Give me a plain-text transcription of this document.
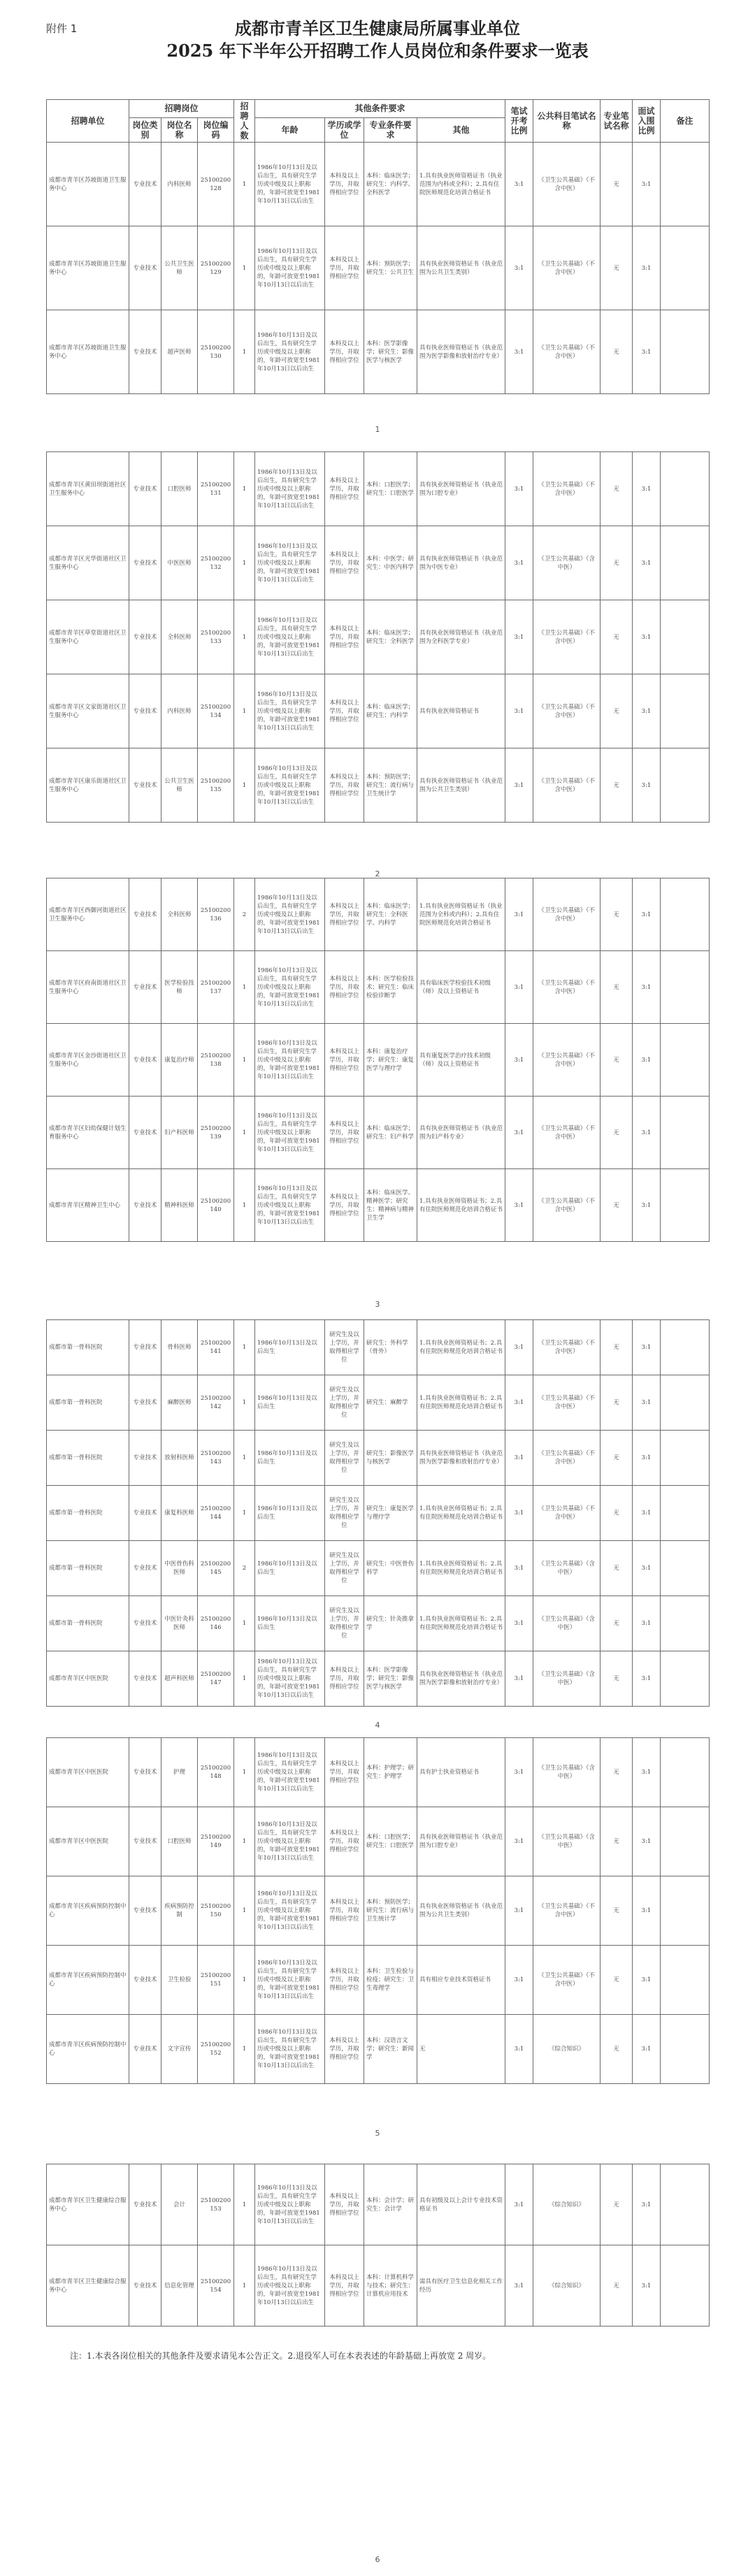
附件 1	成都市青羊区卫生健康局所属事业单位
2025 年下半年公开招聘工作人员岗位和条件要求一览表
招聘单位	招聘岗位			招聘人数	其他条件要求				笔试开考比例	公共科目笔试名称	专业笔试名称	面试入围比例	备注
	岗位类别	岗位名称	岗位编码		年龄	学历或学位	专业条件要求	其他					
成都市青羊区苏坡街道卫生服务中心	专业技术	内科医师	25100200128	1	1986年10月13日及以后出生，具有研究生学历或中级及以上职称的，年龄可放宽至1981年10月13日以后出生	本科及以上学历，并取得相应学位	本科：临床医学；研究生：内科学、全科医学	1.具有执业医师资格证书（执业范围为内科或全科）；2.具有住院医师规范化培训合格证书	3:1	《卫生公共基础》（不含中医）	无	3:1	
成都市青羊区苏坡街道卫生服务中心	专业技术	公共卫生医师	25100200129	1	1986年10月13日及以后出生，具有研究生学历或中级及以上职称的，年龄可放宽至1981年10月13日以后出生	本科及以上学历，并取得相应学位	本科：预防医学；研究生：公共卫生	具有执业医师资格证书（执业范围为公共卫生类别）	3:1	《卫生公共基础》（不含中医）	无	3:1	
成都市青羊区苏坡街道卫生服务中心	专业技术	超声医师	25100200130	1	1986年10月13日及以后出生，具有研究生学历或中级及以上职称的，年龄可放宽至1981年10月13日以后出生	本科及以上学历，并取得相应学位	本科：医学影像学；研究生：影像医学与核医学	具有执业医师资格证书（执业范围为医学影像和放射治疗专业）	3:1	《卫生公共基础》（不含中医）	无	3:1	
1
成都市青羊区黄田坝街道社区卫生服务中心	专业技术	口腔医师	25100200131	1	1986年10月13日及以后出生，具有研究生学历或中级及以上职称的，年龄可放宽至1981年10月13日以后出生	本科及以上学历，并取得相应学位	本科：口腔医学；研究生：口腔医学	具有执业医师资格证书（执业范围为口腔专业）	3:1	《卫生公共基础》（不含中医）	无	3:1	
成都市青羊区光华街道社区卫生服务中心	专业技术	中医医师	25100200132	1	1986年10月13日及以后出生，具有研究生学历或中级及以上职称的，年龄可放宽至1981年10月13日以后出生	本科及以上学历，并取得相应学位	本科：中医学；研究生：中医内科学	具有执业医师资格证书（执业范围为中医专业）	3:1	《卫生公共基础》（含中医）	无	3:1	
成都市青羊区草堂街道社区卫生服务中心	专业技术	全科医师	25100200133	1	1986年10月13日及以后出生，具有研究生学历或中级及以上职称的，年龄可放宽至1981年10月13日以后出生	本科及以上学历，并取得相应学位	本科：临床医学；研究生：全科医学	具有执业医师资格证书（执业范围为全科医学专业）	3:1	《卫生公共基础》（不含中医）	无	3:1	
成都市青羊区文家街道社区卫生服务中心	专业技术	内科医师	25100200134	1	1986年10月13日及以后出生，具有研究生学历或中级及以上职称的，年龄可放宽至1981年10月13日以后出生	本科及以上学历，并取得相应学位	本科：临床医学；研究生：内科学	具有执业医师资格证书	3:1	《卫生公共基础》（不含中医）	无	3:1	
成都市青羊区康乐街道社区卫生服务中心	专业技术	公共卫生医师	25100200135	1	1986年10月13日及以后出生，具有研究生学历或中级及以上职称的，年龄可放宽至1981年10月13日以后出生	本科及以上学历，并取得相应学位	本科：预防医学；研究生：流行病与卫生统计学	具有执业医师资格证书（执业范围为公共卫生类别）	3:1	《卫生公共基础》（不含中医）	无	3:1	
2
成都市青羊区西御河街道社区卫生服务中心	专业技术	全科医师	25100200136	2	1986年10月13日及以后出生，具有研究生学历或中级及以上职称的，年龄可放宽至1981年10月13日以后出生	本科及以上学历，并取得相应学位	本科：临床医学；研究生：全科医学、内科学	1.具有执业医师资格证书（执业范围为全科或内科）；2.具有住院医师规范化培训合格证书	3:1	《卫生公共基础》（不含中医）	无	3:1	
成都市青羊区府南街道社区卫生服务中心	专业技术	医学检验技师	25100200137	1	1986年10月13日及以后出生，具有研究生学历或中级及以上职称的，年龄可放宽至1981年10月13日以后出生	本科及以上学历，并取得相应学位	本科：医学检验技术；研究生：临床检验诊断学	具有临床医学检验技术初级（师）及以上资格证书	3:1	《卫生公共基础》（不含中医）	无	3:1	
成都市青羊区金沙街道社区卫生服务中心	专业技术	康复治疗师	25100200138	1	1986年10月13日及以后出生，具有研究生学历或中级及以上职称的，年龄可放宽至1981年10月13日以后出生	本科及以上学历，并取得相应学位	本科：康复治疗学；研究生：康复医学与理疗学	具有康复医学治疗技术初级（师）及以上资格证书	3:1	《卫生公共基础》（不含中医）	无	3:1	
成都市青羊区妇幼保健计划生育服务中心	专业技术	妇产科医师	25100200139	1	1986年10月13日及以后出生，具有研究生学历或中级及以上职称的，年龄可放宽至1981年10月13日以后出生	本科及以上学历，并取得相应学位	本科：临床医学；研究生：妇产科学	具有执业医师资格证书（执业范围为妇产科专业）	3:1	《卫生公共基础》（不含中医）	无	3:1	
成都市青羊区精神卫生中心	专业技术	精神科医师	25100200140	1	1986年10月13日及以后出生，具有研究生学历或中级及以上职称的，年龄可放宽至1981年10月13日以后出生	本科及以上学历，并取得相应学位	本科：临床医学、精神医学；研究生：精神病与精神卫生学	1.具有执业医师资格证书；2.具有住院医师规范化培训合格证书	3:1	《卫生公共基础》（不含中医）	无	3:1	
3
成都市第一骨科医院	专业技术	骨科医师	25100200141	1	1986年10月13日及以后出生	研究生及以上学历，并取得相应学位	研究生：外科学（骨外）	1.具有执业医师资格证书；2.具有住院医师规范化培训合格证书	3:1	《卫生公共基础》（不含中医）	无	3:1	
成都市第一骨科医院	专业技术	麻醉医师	25100200142	1	1986年10月13日及以后出生	研究生及以上学历，并取得相应学位	研究生：麻醉学	1.具有执业医师资格证书；2.具有住院医师规范化培训合格证书	3:1	《卫生公共基础》（不含中医）	无	3:1	
成都市第一骨科医院	专业技术	放射科医师	25100200143	1	1986年10月13日及以后出生	研究生及以上学历，并取得相应学位	研究生：影像医学与核医学	具有执业医师资格证书（执业范围为医学影像和放射治疗专业）	3:1	《卫生公共基础》（不含中医）	无	3:1	
成都市第一骨科医院	专业技术	康复科医师	25100200144	1	1986年10月13日及以后出生	研究生及以上学历，并取得相应学位	研究生：康复医学与理疗学	1.具有执业医师资格证书；2.具有住院医师规范化培训合格证书	3:1	《卫生公共基础》（不含中医）	无	3:1	
成都市第一骨科医院	专业技术	中医骨伤科医师	25100200145	2	1986年10月13日及以后出生	研究生及以上学历，并取得相应学位	研究生：中医骨伤科学	1.具有执业医师资格证书；2.具有住院医师规范化培训合格证书	3:1	《卫生公共基础》（含中医）	无	3:1	
成都市第一骨科医院	专业技术	中医针灸科医师	25100200146	1	1986年10月13日及以后出生	研究生及以上学历，并取得相应学位	研究生：针灸推拿学	1.具有执业医师资格证书；2.具有住院医师规范化培训合格证书	3:1	《卫生公共基础》（含中医）	无	3:1	
成都市青羊区中医医院	专业技术	超声科医师	25100200147	1	1986年10月13日及以后出生，具有研究生学历或中级及以上职称的，年龄可放宽至1981年10月13日以后出生	本科及以上学历，并取得相应学位	本科：医学影像学；研究生：影像医学与核医学	具有执业医师资格证书（执业范围为医学影像和放射治疗专业）	3:1	《卫生公共基础》（含中医）	无	3:1	
4
成都市青羊区中医医院	专业技术	护理	25100200148	1	1986年10月13日及以后出生，具有研究生学历或中级及以上职称的，年龄可放宽至1981年10月13日以后出生	本科及以上学历，并取得相应学位	本科：护理学；研究生：护理学	具有护士执业资格证书	3:1	《卫生公共基础》（含中医）	无	3:1	
成都市青羊区中医医院	专业技术	口腔医师	25100200149	1	1986年10月13日及以后出生，具有研究生学历或中级及以上职称的，年龄可放宽至1981年10月13日以后出生	本科及以上学历，并取得相应学位	本科：口腔医学；研究生：口腔医学	具有执业医师资格证书（执业范围为口腔专业）	3:1	《卫生公共基础》（含中医）	无	3:1	
成都市青羊区疾病预防控制中心	专业技术	疾病预防控制	25100200150	1	1986年10月13日及以后出生，具有研究生学历或中级及以上职称的，年龄可放宽至1981年10月13日以后出生	本科及以上学历，并取得相应学位	本科：预防医学；研究生：流行病与卫生统计学	具有执业医师资格证书（执业范围为公共卫生类别）	3:1	《卫生公共基础》（不含中医）	无	3:1	
成都市青羊区疾病预防控制中心	专业技术	卫生检验	25100200151	1	1986年10月13日及以后出生，具有研究生学历或中级及以上职称的，年龄可放宽至1981年10月13日以后出生	本科及以上学历，并取得相应学位	本科：卫生检验与检疫；研究生：卫生毒理学	具有相应专业技术资格证书	3:1	《卫生公共基础》（不含中医）	无	3:1	
成都市青羊区疾病预防控制中心	专业技术	文字宣传	25100200152	1	1986年10月13日及以后出生，具有研究生学历或中级及以上职称的，年龄可放宽至1981年10月13日以后出生	本科及以上学历，并取得相应学位	本科：汉语言文学；研究生：新闻学	无	3:1	《综合知识》	无	3:1	
5
成都市青羊区卫生健康综合服务中心	专业技术	会计	25100200153	1	1986年10月13日及以后出生，具有研究生学历或中级及以上职称的，年龄可放宽至1981年10月13日以后出生	本科及以上学历，并取得相应学位	本科：会计学；研究生：会计学	具有初级及以上会计专业技术资格证书	3:1	《综合知识》	无	3:1	
成都市青羊区卫生健康综合服务中心	专业技术	信息化管理	25100200154	1	1986年10月13日及以后出生，具有研究生学历或中级及以上职称的，年龄可放宽至1981年10月13日以后出生	本科及以上学历，并取得相应学位	本科：计算机科学与技术；研究生：计算机应用技术	需具有医疗卫生信息化相关工作经历	3:1	《综合知识》	无	3:1	
6
注：1.本表各岗位相关的其他条件及要求请见本公告正文。2.退役军人可在本表表述的年龄基础上再放宽 2 周岁。
